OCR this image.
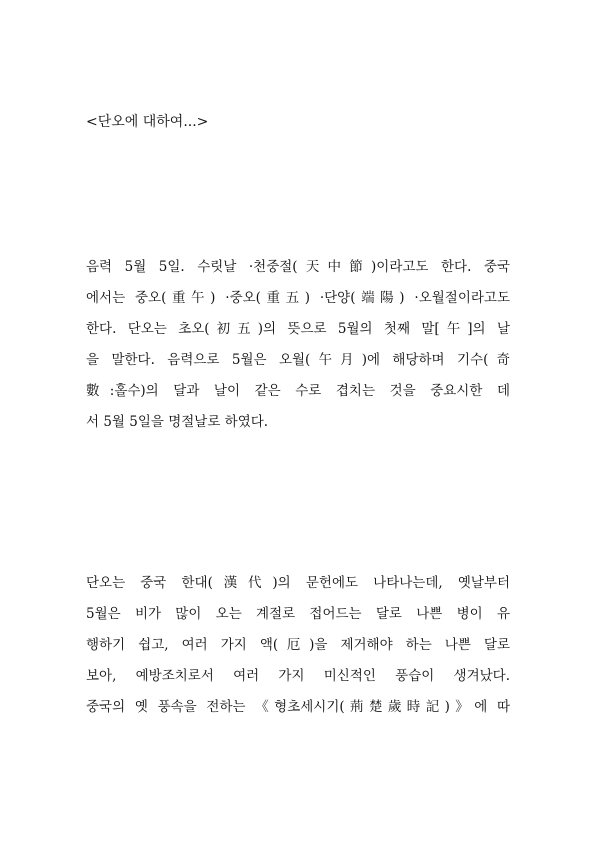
<단오에 대하여...>
음력 5월 5일. 수릿날 ·천중절(天中節)이라고도 한다. 중국
에서는 중오(重午) ·중오(重五) ·단양(端陽) ·오월절이라고도
한다. 단오는 초오(初五)의 뜻으로 5월의 첫째 말[午]의 날
을 말한다. 음력으로 5월은 오월(午月)에 해당하며 기수(奇
數:홀수)의 달과 날이 같은 수로 겹치는 것을 중요시한 데
서 5월 5일을 명절날로 하였다.
단오는 중국 한대(漢代)의 문헌에도 나타나는데, 옛날부터
5월은 비가 많이 오는 계절로 접어드는 달로 나쁜 병이 유
행하기 쉽고, 여러 가지 액(厄)을 제거해야 하는 나쁜 달로
보아, 예방조치로서 여러 가지 미신적인 풍습이 생겨났다.
중국의 옛 풍속을 전하는 《형초세시기(荊楚歲時記)》에 따
